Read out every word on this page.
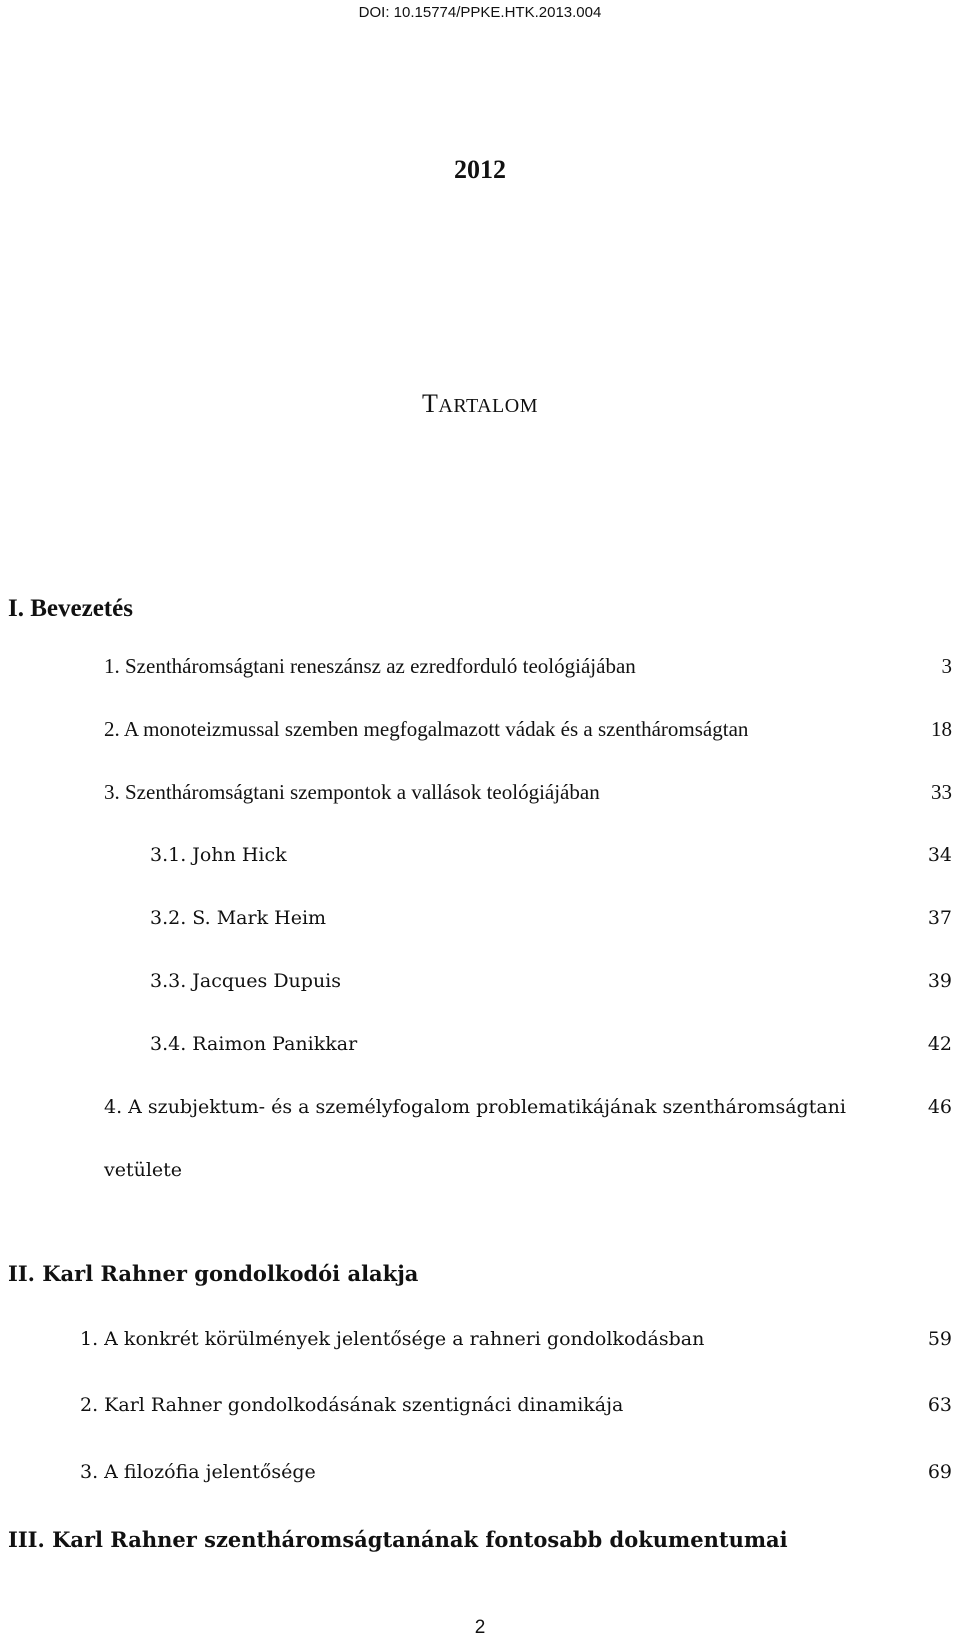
DOI: 10.15774/PPKE.HTK.2013.004
2012
TARTALOM
I. Bevezetés
1. Szentháromságtani reneszánsz az ezredforduló teológiájában	3
2. A monoteizmussal szemben megfogalmazott vádak és a szentháromságtan	18
3. Szentháromságtani szempontok a vallások teológiájában	33
3.1. John Hick	34
3.2. S. Mark Heim	37
3.3. Jacques Dupuis	39
3.4. Raimon Panikkar	42
4. A szubjektum- és a személyfogalom problematikájának szentháromságtani	46
vetülete
II. Karl Rahner gondolkodói alakja
1. A konkrét körülmények jelentősége a rahneri gondolkodásban	59
2. Karl Rahner gondolkodásának szentignáci dinamikája	63
3. A filozófia jelentősége	69
III. Karl Rahner szentháromságtanának fontosabb dokumentumai
2
